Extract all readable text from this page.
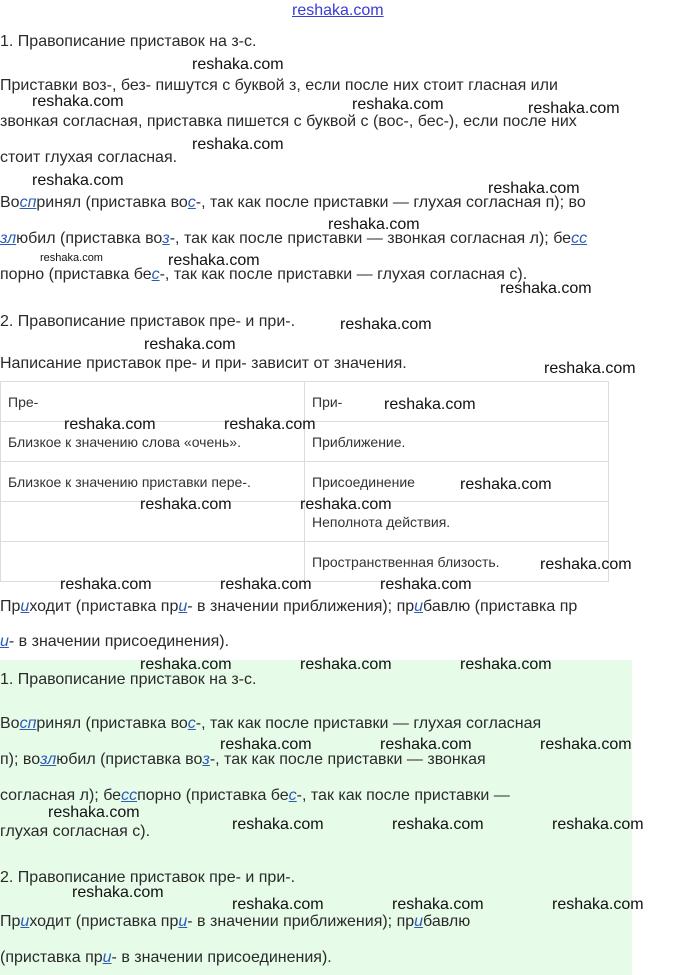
reshaka.com
1. Правописание приставок на з-с.
Приставки воз-, без- пишутся с буквой з, если после них стоит гласная или
звонкая согласная, приставка пишется с буквой с (вос-, бес-), если после них
стоит глухая согласная.
Воспринял (приставка вос-, так как после приставки — глухая согласная п); во
злюбил (приставка воз-, так как после приставки — звонкая согласная л); бесс
порно (приставка бес-, так как после приставки — глухая согласная с).
2. Правописание приставок пре- и при-.
Написание приставок пре- и при- зависит от значения.
Пре-	При-
Близкое к значению слова «очень».	Приближение.
Близкое к значению приставки пере-.	Присоединение
	Неполнота действия.
	Пространственная близость.
Приходит (приставка при- в значении приближения); прибавлю (приставка пр
и- в значении присоединения).
1. Правописание приставок на з-с.
Воспринял (приставка вос-, так как после приставки — глухая согласная
п); возлюбил (приставка воз-, так как после приставки — звонкая
согласная л); бесспорно (приставка бес-, так как после приставки —
глухая согласная с).
2. Правописание приставок пре- и при-.
Приходит (приставка при- в значении приближения); прибавлю
(приставка при- в значении присоединения).
reshaka.com
reshaka.com	reshaka.com	reshaka.com
reshaka.com
reshaka.com	reshaka.com
reshaka.com
reshaka.com
reshaka.com
reshaka.com
reshaka.com
reshaka.com
reshaka.com
reshaka.com
reshaka.com	reshaka.com
reshaka.com
reshaka.com	reshaka.com
reshaka.com
reshaka.com	reshaka.com	reshaka.com
reshaka.com	reshaka.com	reshaka.com
reshaka.com	reshaka.com	reshaka.com
reshaka.com
reshaka.com	reshaka.com	reshaka.com
reshaka.com
reshaka.com	reshaka.com	reshaka.com
